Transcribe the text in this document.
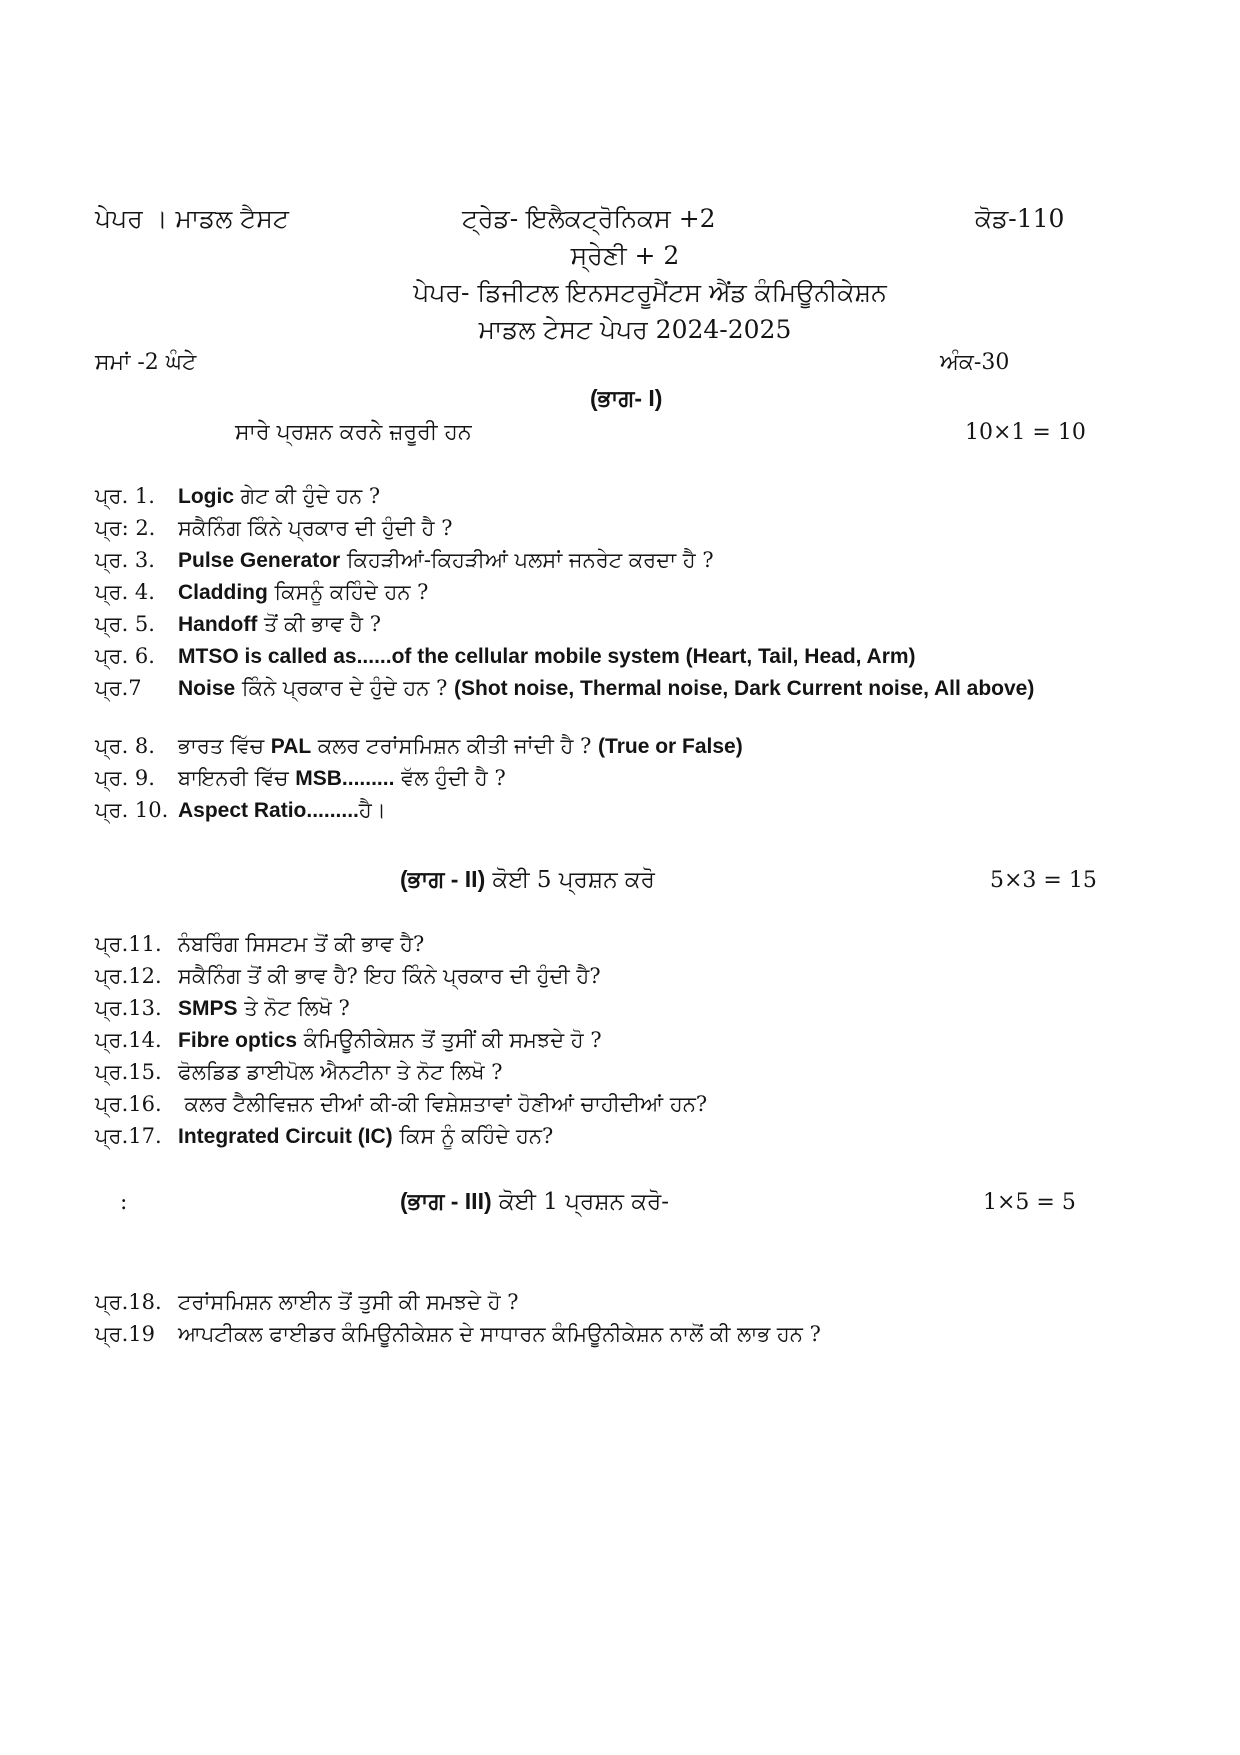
ਪੇਪਰ । ਮਾਡਲ ਟੈਸਟ	ਟ੍ਰੇਡ- ਇਲੈਕਟ੍ਰੋਨਿਕਸ +2	ਕੋਡ-110
ਸ੍ਰੇਣੀ + 2
ਪੇਪਰ- ਡਿਜੀਟਲ ਇਨਸਟਰੂਮੈਂਟਸ ਐਂਡ ਕੰਮਿਊਨੀਕੇਸ਼ਨ
ਮਾਡਲ ਟੇਸਟ ਪੇਪਰ 2024-2025
ਸਮਾਂ -2 ਘੰਟੇ	ਅੰਕ-30
(ਭਾਗ- I)
ਸਾਰੇ ਪ੍ਰਸ਼ਨ ਕਰਨੇ ਜ਼ਰੂਰੀ ਹਨ	10×1 = 10
ਪ੍ਰ. 1. Logic ਗੇਟ ਕੀ ਹੁੰਦੇ ਹਨ ?
ਪ੍ਰ: 2. ਸਕੈਨਿੰਗ ਕਿੰਨੇ ਪ੍ਰਕਾਰ ਦੀ ਹੁੰਦੀ ਹੈ ?
ਪ੍ਰ. 3. Pulse Generator ਕਿਹੜੀਆਂ-ਕਿਹੜੀਆਂ ਪਲਸਾਂ ਜਨਰੇਟ ਕਰਦਾ ਹੈ ?
ਪ੍ਰ. 4. Cladding ਕਿਸਨੂੰ ਕਹਿੰਦੇ ਹਨ ?
ਪ੍ਰ. 5. Handoff ਤੋਂ ਕੀ ਭਾਵ ਹੈ ?
ਪ੍ਰ. 6. MTSO is called as......of the cellular mobile system (Heart, Tail, Head, Arm)
ਪ੍ਰ.7 Noise ਕਿੰਨੇ ਪ੍ਰਕਾਰ ਦੇ ਹੁੰਦੇ ਹਨ ? (Shot noise, Thermal noise, Dark Current noise, All above)
ਪ੍ਰ. 8. ਭਾਰਤ ਵਿੱਚ PAL ਕਲਰ ਟਰਾਂਸਮਿਸ਼ਨ ਕੀਤੀ ਜਾਂਦੀ ਹੈ ? (True or False)
ਪ੍ਰ. 9. ਬਾਇਨਰੀ ਵਿੱਚ MSB......... ਵੱਲ ਹੁੰਦੀ ਹੈ ?
ਪ੍ਰ. 10. Aspect Ratio.........ਹੈ।
(ਭਾਗ - II) ਕੋਈ 5 ਪ੍ਰਸ਼ਨ ਕਰੋ	5×3 = 15
ਪ੍ਰ.11. ਨੰਬਰਿੰਗ ਸਿਸਟਮ ਤੋਂ ਕੀ ਭਾਵ ਹੈ?
ਪ੍ਰ.12. ਸਕੈਨਿੰਗ ਤੋਂ ਕੀ ਭਾਵ ਹੈ? ਇਹ ਕਿੰਨੇ ਪ੍ਰਕਾਰ ਦੀ ਹੁੰਦੀ ਹੈ?
ਪ੍ਰ.13. SMPS ਤੇ ਨੋਟ ਲਿਖੋ ?
ਪ੍ਰ.14. Fibre optics ਕੰਮਿਊਨੀਕੇਸ਼ਨ ਤੋਂ ਤੁਸੀਂ ਕੀ ਸਮਝਦੇ ਹੋ ?
ਪ੍ਰ.15. ਫੋਲਡਿਡ ਡਾਈਪੋਲ ਐਨਟੀਨਾ ਤੇ ਨੋਟ ਲਿਖੋ ?
ਪ੍ਰ.16. ਕਲਰ ਟੈਲੀਵਿਜ਼ਨ ਦੀਆਂ ਕੀ-ਕੀ ਵਿਸ਼ੇਸ਼ਤਾਵਾਂ ਹੋਣੀਆਂ ਚਾਹੀਦੀਆਂ ਹਨ?
ਪ੍ਰ.17. Integrated Circuit (IC) ਕਿਸ ਨੂੰ ਕਹਿੰਦੇ ਹਨ?
:	(ਭਾਗ - III) ਕੋਈ 1 ਪ੍ਰਸ਼ਨ ਕਰੋ-	1×5 = 5
ਪ੍ਰ.18. ਟਰਾਂਸਮਿਸ਼ਨ ਲਾਈਨ ਤੋਂ ਤੁਸੀ ਕੀ ਸਮਝਦੇ ਹੋ ?
ਪ੍ਰ.19 ਆਪਟੀਕਲ ਫਾਈਡਰ ਕੰਮਿਊਨੀਕੇਸ਼ਨ ਦੇ ਸਾਧਾਰਨ ਕੰਮਿਊਨੀਕੇਸ਼ਨ ਨਾਲੋਂ ਕੀ ਲਾਭ ਹਨ ?
